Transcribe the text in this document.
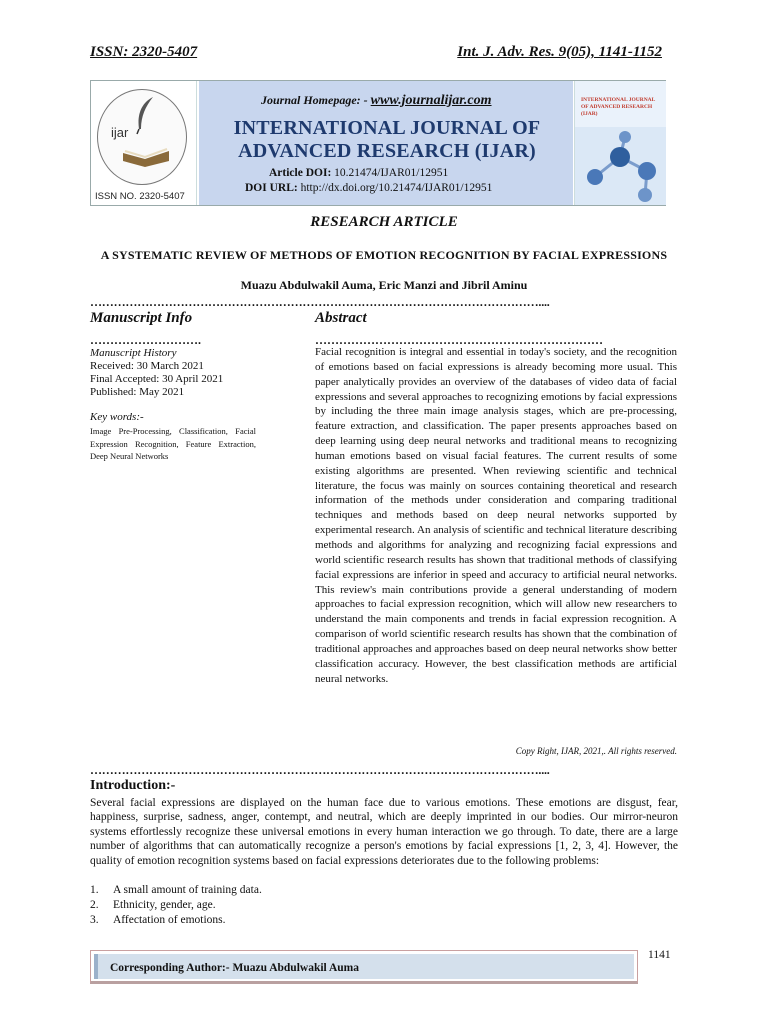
ISSN: 2320-5407	Int. J. Adv. Res. 9(05), 1141-1152
ijar
ISSN NO. 2320-5407
Journal Homepage: - www.journalijar.com
INTERNATIONAL JOURNAL OF
ADVANCED RESEARCH (IJAR)
Article DOI: 10.21474/IJAR01/12951
DOI URL: http://dx.doi.org/10.21474/IJAR01/12951
INTERNATIONAL JOURNAL OF ADVANCED RESEARCH (IJAR)
RESEARCH ARTICLE
A SYSTEMATIC REVIEW OF METHODS OF EMOTION RECOGNITION BY FACIAL EXPRESSIONS
Muazu Abdulwakil Auma, Eric Manzi and Jibril Aminu
……………………………………………………………………………………………………....
Manuscript Info	Abstract
……………………….	………………………………………………………………
Manuscript History
Received: 30 March 2021
Final Accepted: 30 April 2021
Published: May 2021
Key words:-
Image Pre-Processing, Classification, Facial Expression Recognition, Feature Extraction, Deep Neural Networks
Facial recognition is integral and essential in today's society, and the recognition of emotions based on facial expressions is already becoming more usual. This paper analytically provides an overview of the databases of video data of facial expressions and several approaches to recognizing emotions by facial expressions by including the three main image analysis stages, which are pre-processing, feature extraction, and classification. The paper presents approaches based on deep learning using deep neural networks and traditional means to recognizing human emotions based on visual facial features. The current results of some existing algorithms are presented. When reviewing scientific and technical literature, the focus was mainly on sources containing theoretical and research information of the methods under consideration and comparing traditional techniques and methods based on deep neural networks supported by experimental research. An analysis of scientific and technical literature describing methods and algorithms for analyzing and recognizing facial expressions and world scientific research results has shown that traditional methods of classifying facial expressions are inferior in speed and accuracy to artificial neural networks. This review's main contributions provide a general understanding of modern approaches to facial expression recognition, which will allow new researchers to understand the main components and trends in facial expression recognition. A comparison of world scientific research results has shown that the combination of traditional approaches and approaches based on deep neural networks show better classification accuracy. However, the best classification methods are artificial neural networks.
Copy Right, IJAR, 2021,. All rights reserved.
……………………………………………………………………………………………………....
Introduction:-
Several facial expressions are displayed on the human face due to various emotions. These emotions are disgust, fear, happiness, surprise, sadness, anger, contempt, and neutral, which are deeply imprinted in our bodies. Our mirror-neuron systems effortlessly recognize these universal emotions in every human interaction we go through. To date, there are a large number of algorithms that can automatically recognize a person's emotions by facial expressions [1, 2, 3, 4]. However, the quality of emotion recognition systems based on facial expressions deteriorates due to the following problems:
1.	A small amount of training data.
2.	Ethnicity, gender, age.
3.	Affectation of emotions.
1141
Corresponding Author:- Muazu Abdulwakil Auma
